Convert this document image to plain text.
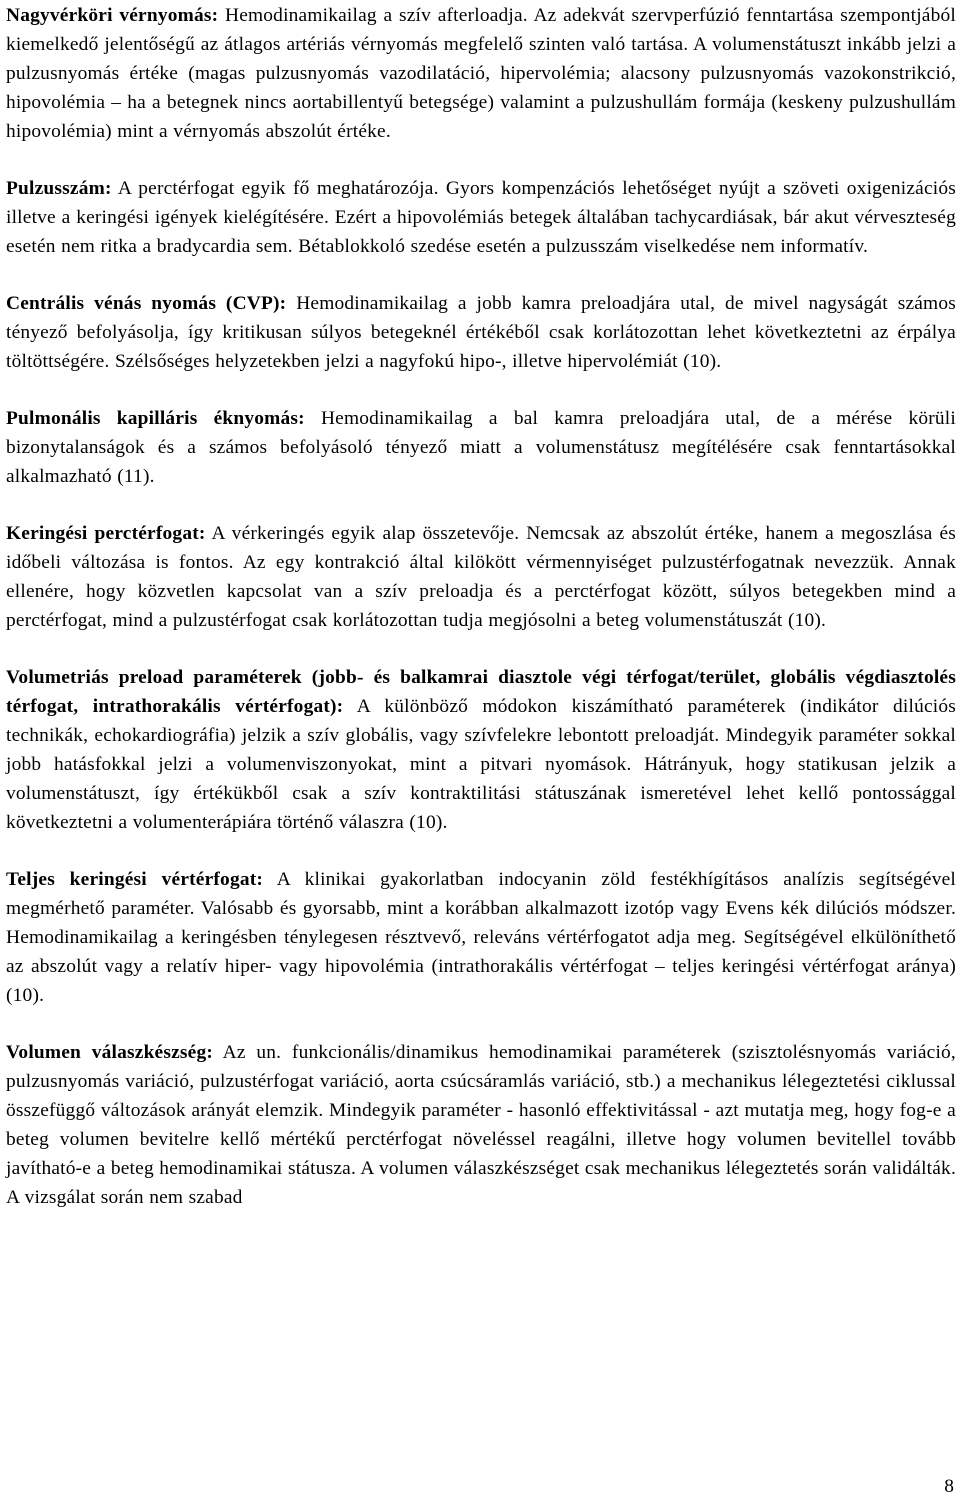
Nagyvérköri vérnyomás: Hemodinamikailag a szív afterloadja. Az adekvát szervperfúzió fenntartása szempontjából kiemelkedő jelentőségű az átlagos artériás vérnyomás megfelelő szinten való tartása. A volumenstátuszt inkább jelzi a pulzusnyomás értéke (magas pulzusnyomás vazodilatáció, hipervolémia; alacsony pulzusnyomás vazokonstrikció, hipovolémia – ha a betegnek nincs aortabillentyű betegsége) valamint a pulzushullám formája (keskeny pulzushullám hipovolémia) mint a vérnyomás abszolút értéke.

Pulzusszám: A perctérfogat egyik fő meghatározója. Gyors kompenzációs lehetőséget nyújt a szöveti oxigenizációs illetve a keringési igények kielégítésére. Ezért a hipovolémiás betegek általában tachycardiásak, bár akut vérveszteség esetén nem ritka a bradycardia sem. Bétablokkoló szedése esetén a pulzusszám viselkedése nem informatív.

Centrális vénás nyomás (CVP): Hemodinamikailag a jobb kamra preloadjára utal, de mivel nagyságát számos tényező befolyásolja, így kritikusan súlyos betegeknél értékéből csak korlátozottan lehet következtetni az érpálya töltöttségére. Szélsőséges helyzetekben jelzi a nagyfokú hipo-, illetve hipervolémiát (10).

Pulmonális kapilláris éknyomás: Hemodinamikailag a bal kamra preloadjára utal, de a mérése körüli bizonytalanságok és a számos befolyásoló tényező miatt a volumenstátusz megítélésére csak fenntartásokkal alkalmazható (11).

Keringési perctérfogat: A vérkeringés egyik alap összetevője. Nemcsak az abszolút értéke, hanem a megoszlása és időbeli változása is fontos. Az egy kontrakció által kilökött vérmennyiséget pulzustérfogatnak nevezzük. Annak ellenére, hogy közvetlen kapcsolat van a szív preloadja és a perctérfogat között, súlyos betegekben mind a perctérfogat, mind a pulzustérfogat csak korlátozottan tudja megjósolni a beteg volumenstátuszát (10).

Volumetriás preload paraméterek (jobb- és balkamrai diasztole végi térfogat/terület, globális végdiasztolés térfogat, intrathorakális vértérfogat): A különböző módokon kiszámítható paraméterek (indikátor dilúciós technikák, echokardiográfia) jelzik a szív globális, vagy szívfelekre lebontott preloadját. Mindegyik paraméter sokkal jobb hatásfokkal jelzi a volumenviszonyokat, mint a pitvari nyomások. Hátrányuk, hogy statikusan jelzik a volumenstátuszt, így értékükből csak a szív kontraktilitási státuszának ismeretével lehet kellő pontossággal következtetni a volumenterápiára történő válaszra (10).

Teljes keringési vértérfogat: A klinikai gyakorlatban indocyanin zöld festékhígításos analízis segítségével megmérhető paraméter. Valósabb és gyorsabb, mint a korábban alkalmazott izotóp vagy Evens kék dilúciós módszer. Hemodinamikailag a keringésben ténylegesen résztvevő, releváns vértérfogatot adja meg. Segítségével elkülöníthető az abszolút vagy a relatív hiper- vagy hipovolémia (intrathorakális vértérfogat – teljes keringési vértérfogat aránya) (10).

Volumen válaszkészség: Az un. funkcionális/dinamikus hemodinamikai paraméterek (szisztolésnyomás variáció, pulzusnyomás variáció, pulzustérfogat variáció, aorta csúcsáramlás variáció, stb.) a mechanikus lélegeztetési ciklussal összefüggő változások arányát elemzik. Mindegyik paraméter - hasonló effektivitással - azt mutatja meg, hogy fog-e a beteg volumen bevitelre kellő mértékű perctérfogat növeléssel reagálni, illetve hogy volumen bevitellel tovább javítható-e a beteg hemodinamikai státusza. A volumen válaszkészséget csak mechanikus lélegeztetés során validálták. A vizsgálat során nem szabad

8
